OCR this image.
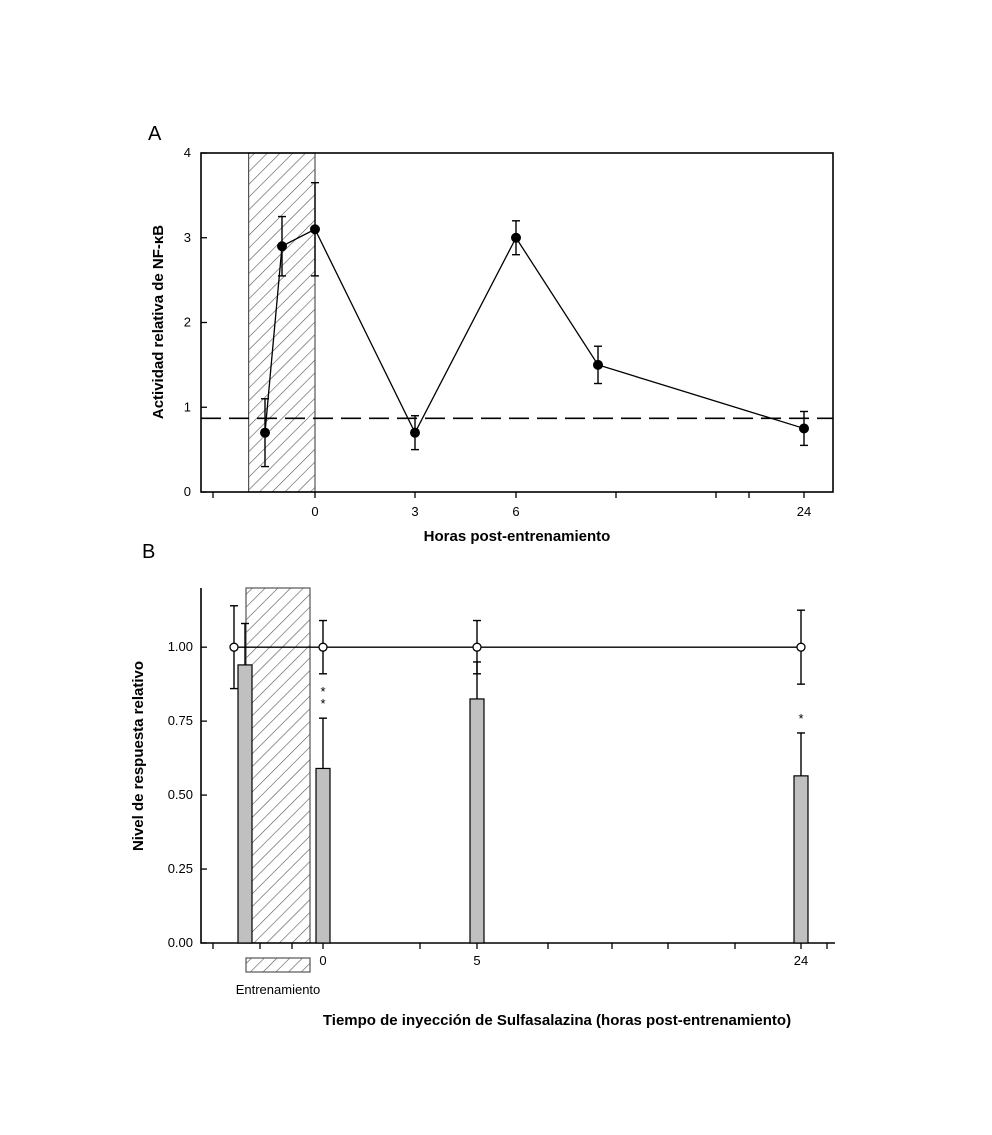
A
0
1
2
3
4
0	3	6	24
Horas post-entrenamiento
Actividad relativa de NF-κB
B
0.00
0.25
0.50
0.75
1.00
0	5	24
*
*
*
Entrenamiento
Tiempo de inyección de Sulfasalazina (horas post-entrenamiento)
Nivel de respuesta relativo
